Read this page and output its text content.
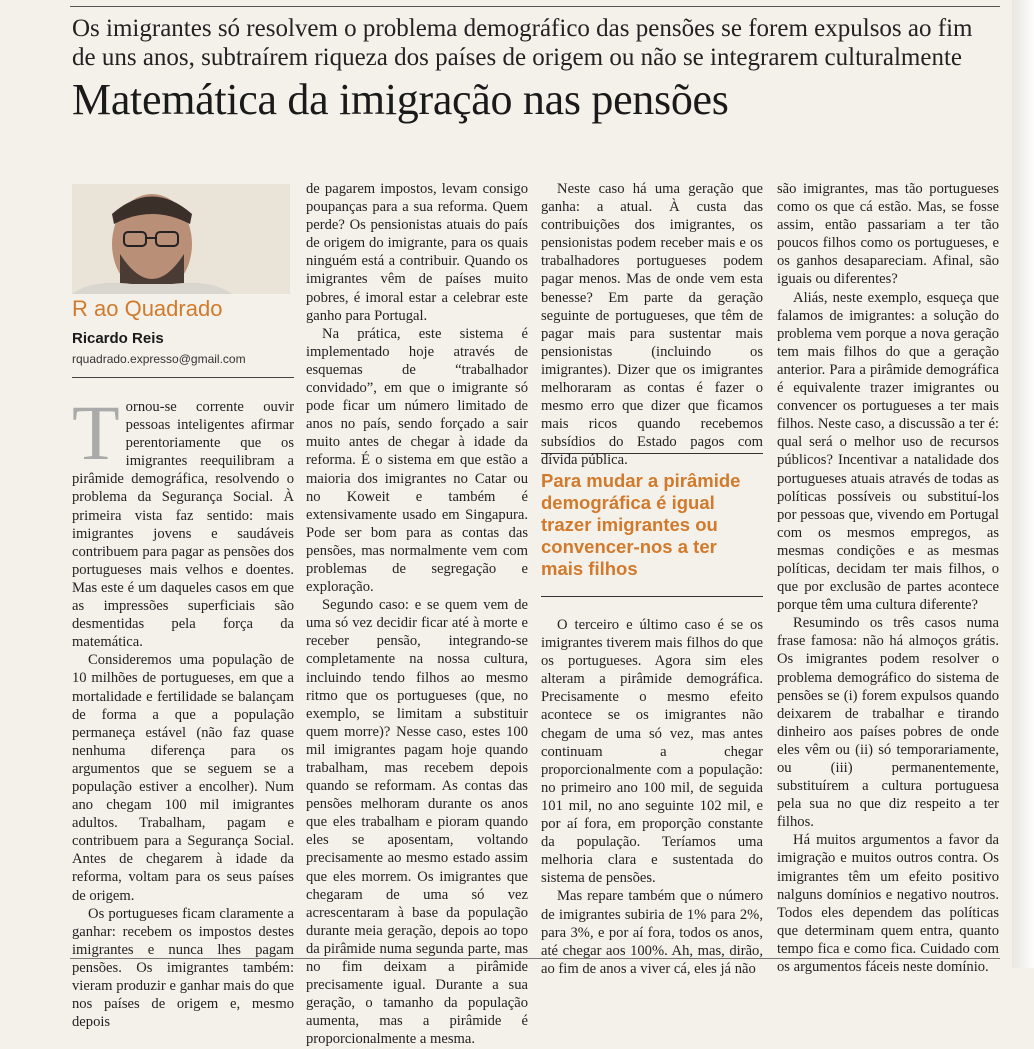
Os imigrantes só resolvem o problema demográfico das pensões se forem expulsos ao fim de uns anos, subtraírem riqueza dos países de origem ou não se integrarem culturalmente
Matemática da imigração nas pensões
R ao Quadrado
Ricardo Reis
rquadrado.expresso@gmail.com

Tornou-se corrente ouvir pessoas inteligentes afirmar perentoriamente que os imigrantes reequilibram a pirâmide demográfica, resolvendo o problema da Segurança Social. À primeira vista faz sentido: mais imigrantes jovens e saudáveis contribuem para pagar as pensões dos portugueses mais velhos e doentes. Mas este é um daqueles casos em que as impressões superficiais são desmentidas pela força da matemática.

Consideremos uma população de 10 milhões de portugueses, em que a mortalidade e fertilidade se balançam de forma a que a população permaneça estável (não faz quase nenhuma diferença para os argumentos que se seguem se a população estiver a encolher). Num ano chegam 100 mil imigrantes adultos. Trabalham, pagam e contribuem para a Segurança Social. Antes de chegarem à idade da reforma, voltam para os seus países de origem.

Os portugueses ficam claramente a ganhar: recebem os impostos destes imigrantes e nunca lhes pagam pensões. Os imigrantes também: vieram produzir e ganhar mais do que nos países de origem e, mesmo depois

de pagarem impostos, levam consigo poupanças para a sua reforma. Quem perde? Os pensionistas atuais do país de origem do imigrante, para os quais ninguém está a contribuir. Quando os imigrantes vêm de países muito pobres, é imoral estar a celebrar este ganho para Portugal.

Na prática, este sistema é implementado hoje através de esquemas de “trabalhador convidado”, em que o imigrante só pode ficar um número limitado de anos no país, sendo forçado a sair muito antes de chegar à idade da reforma. É o sistema em que estão a maioria dos imigrantes no Catar ou no Koweit e também é extensivamente usado em Singapura. Pode ser bom para as contas das pensões, mas normalmente vem com problemas de segregação e exploração.

Segundo caso: e se quem vem de uma só vez decidir ficar até à morte e receber pensão, integrando-se completamente na nossa cultura, incluindo tendo filhos ao mesmo ritmo que os portugueses (que, no exemplo, se limitam a substituir quem morre)? Nesse caso, estes 100 mil imigrantes pagam hoje quando trabalham, mas recebem depois quando se reformam. As contas das pensões melhoram durante os anos que eles trabalham e pioram quando eles se aposentam, voltando precisamente ao mesmo estado assim que eles morrem. Os imigrantes que chegaram de uma só vez acrescentaram à base da população durante meia geração, depois ao topo da pirâmide numa segunda parte, mas no fim deixam a pirâmide precisamente igual. Durante a sua geração, o tamanho da população aumenta, mas a pirâmide é proporcionalmente a mesma.

Neste caso há uma geração que ganha: a atual. À custa das contribuições dos imigrantes, os pensionistas podem receber mais e os trabalhadores portugueses podem pagar menos. Mas de onde vem esta benesse? Em parte da geração seguinte de portugueses, que têm de pagar mais para sustentar mais pensionistas (incluindo os imigrantes). Dizer que os imigrantes melhoraram as contas é fazer o mesmo erro que dizer que ficamos mais ricos quando recebemos subsídios do Estado pagos com dívida pública.

Para mudar a pirâmide demográfica é igual trazer imigrantes ou convencer-nos a ter mais filhos

O terceiro e último caso é se os imigrantes tiverem mais filhos do que os portugueses. Agora sim eles alteram a pirâmide demográfica. Precisamente o mesmo efeito acontece se os imigrantes não chegam de uma só vez, mas antes continuam a chegar proporcionalmente com a população: no primeiro ano 100 mil, de seguida 101 mil, no ano seguinte 102 mil, e por aí fora, em proporção constante da população. Teríamos uma melhoria clara e sustentada do sistema de pensões.

Mas repare também que o número de imigrantes subiria de 1% para 2%, para 3%, e por aí fora, todos os anos, até chegar aos 100%. Ah, mas, dirão, ao fim de anos a viver cá, eles já não

são imigrantes, mas tão portugueses como os que cá estão. Mas, se fosse assim, então passariam a ter tão poucos filhos como os portugueses, e os ganhos desapareciam. Afinal, são iguais ou diferentes?

Aliás, neste exemplo, esqueça que falamos de imigrantes: a solução do problema vem porque a nova geração tem mais filhos do que a geração anterior. Para a pirâmide demográfica é equivalente trazer imigrantes ou convencer os portugueses a ter mais filhos. Neste caso, a discussão a ter é: qual será o melhor uso de recursos públicos? Incentivar a natalidade dos portugueses atuais através de todas as políticas possíveis ou substituí-los por pessoas que, vivendo em Portugal com os mesmos empregos, as mesmas condições e as mesmas políticas, decidam ter mais filhos, o que por exclusão de partes acontece porque têm uma cultura diferente?

Resumindo os três casos numa frase famosa: não há almoços grátis. Os imigrantes podem resolver o problema demográfico do sistema de pensões se (i) forem expulsos quando deixarem de trabalhar e tirando dinheiro aos países pobres de onde eles vêm ou (ii) só temporariamente, ou (iii) permanentemente, substituírem a cultura portuguesa pela sua no que diz respeito a ter filhos.

Há muitos argumentos a favor da imigração e muitos outros contra. Os imigrantes têm um efeito positivo nalguns domínios e negativo noutros. Todos eles dependem das políticas que determinam quem entra, quanto tempo fica e como fica. Cuidado com os argumentos fáceis neste domínio.
